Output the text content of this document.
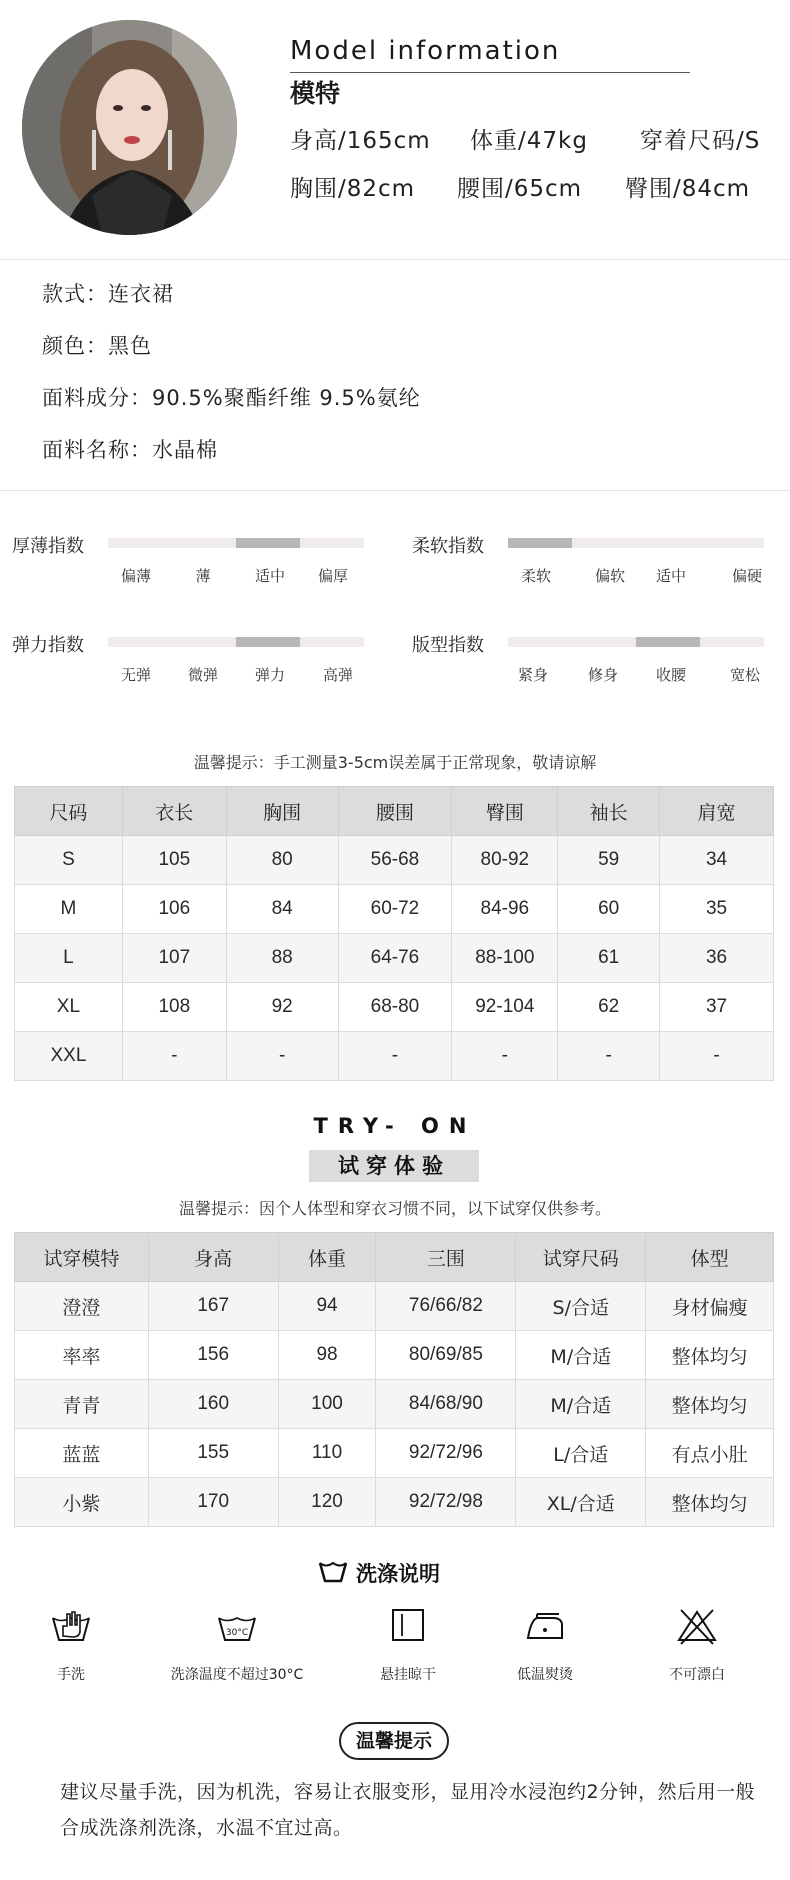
Model information
模特
身高/165cm 体重/47kg 穿着尺码/S
胸围/82cm 腰围/65cm 臀围/84cm
款式：连衣裙
颜色：黑色
面料成分：90.5%聚酯纤维 9.5%氨纶
面料名称：水晶棉
厚薄指数
偏薄	薄	适中	偏厚
柔软指数
柔软	偏软	适中	偏硬
弹力指数
无弹	微弹	弹力	高弹
版型指数
紧身	修身	收腰	宽松
温馨提示：手工测量3-5cm误差属于正常现象，敬请谅解
尺码	衣长	胸围	腰围	臀围	袖长	肩宽
S	105	80	56-68	80-92	59	34
M	106	84	60-72	84-96	60	35
L	107	88	64-76	88-100	61	36
XL	108	92	68-80	92-104	62	37
XXL	-	-	-	-	-	-
TRY- ON
试穿体验
温馨提示：因个人体型和穿衣习惯不同，以下试穿仅供参考。
试穿模特	身高	体重	三围	试穿尺码	体型
澄澄	167	94	76/66/82	S/合适	身材偏瘦
率率	156	98	80/69/85	M/合适	整体均匀
青青	160	100	84/68/90	M/合适	整体均匀
蓝蓝	155	110	92/72/96	L/合适	有点小肚
小紫	170	120	92/72/98	XL/合适	整体均匀
洗涤说明
手洗
30°C
洗涤温度不超过30°C	悬挂晾干	低温熨烫	不可漂白
温馨提示
建议尽量手洗，因为机洗，容易让衣服变形，显用冷水浸泡约2分钟，然后用一般合成洗涤剂洗涤，水温不宜过高。
